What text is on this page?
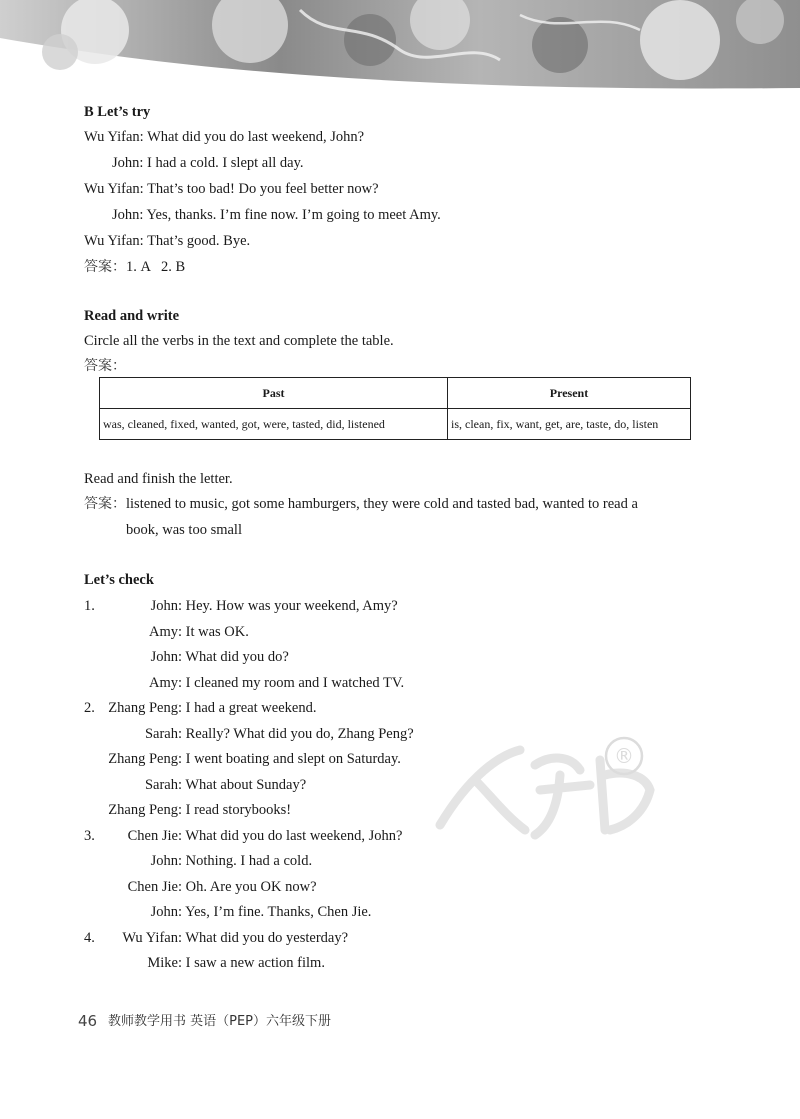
®
B Let’s try
Wu Yifan: What did you do last weekend, John?
John: I had a cold. I slept all day.
Wu Yifan: That’s too bad! Do you feel better now?
John: Yes, thanks. I’m fine now. I’m going to meet Amy.
Wu Yifan: That’s good. Bye.
答案：1. A   2. B
Read and write
Circle all the verbs in the text and complete the table.
答案：
Past	Present
was, cleaned, fixed, wanted, got, were, tasted, did, listened	is, clean, fix, want, get, are, taste, do, listen
Read and finish the letter.
答案：listened to music, got some hamburgers, they were cold and tasted bad, wanted to read a
book, was too small
Let’s check
1.	John: Hey. How was your weekend, Amy?
Amy: It was OK.
John: What did you do?
Amy: I cleaned my room and I watched TV.
2. Zhang Peng: I had a great weekend.
Sarah: Really? What did you do, Zhang Peng?
Zhang Peng: I went boating and slept on Saturday.
Sarah: What about Sunday?
Zhang Peng: I read storybooks!
3.	Chen Jie: What did you do last weekend, John?
John: Nothing. I had a cold.
Chen Jie: Oh. Are you OK now?
John: Yes, I’m fine. Thanks, Chen Jie.
4.	Wu Yifan: What did you do yesterday?
Mike: I saw a new action film.
46 教师教学用书 英语（PEP）六年级下册
